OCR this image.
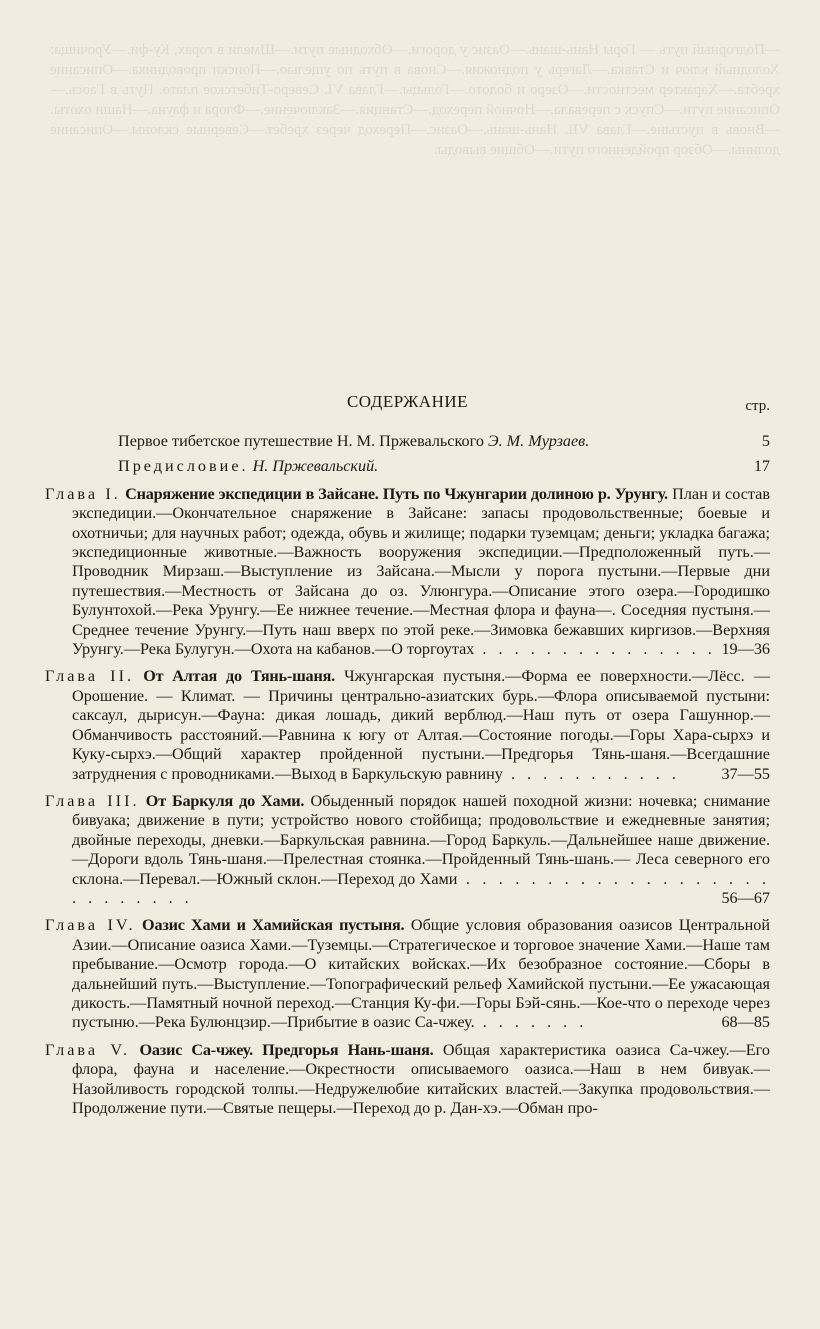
—Подгорный путь — Горы Нань-шань.—Оазис у дороги.—Обходные пути.—Шмели в горах, Ку-фи.—Урочища: Холодный ключ и Ставка.—Лагерь у подножия.—Снова в путь по ущелью.—Поиски проводника.—Описание хребта.—Характер местности.—Озеро и болото.—Гольцы.—Глава VI. Северо-Тибетское плато. Путь в Гаось.—Описание пути.—Спуск с перевала.—Ночной переход.—Станция.—Заключение.—Флора и фауна.—Наши охоты.—Вновь в пустыне.—Глава VII. Нань-шань.—Оазис.—Переход через хребет.—Северные склоны.—Описание долины.—Обзор пройденного пути.—Общие выводы.
СОДЕРЖАНИЕ	стр.
Первое тибетское путешествие Н. М. Пржевальского Э. М. Мурзаев.	5
Предисловие. Н. Пржевальский.	17
Глава I. Снаряжение экспедиции в Зайсане. Путь по Чжунгарии долиною р. Урунгу. План и состав экспедиции.—Окончательное снаряжение в Зайсане: запасы продовольственные; боевые и охотничьи; для научных работ; одежда, обувь и жилище; подарки туземцам; деньги; укладка багажа; экспедиционные животные.—Важность вооружения экспедиции.—Предположенный путь.—Проводник Мирзаш.—Выступление из Зайсана.—Мысли у порога пустыни.—Первые дни путешествия.—Местность от Зайсана до оз. Улюнгура.—Описание этого озера.—Городишко Булунтохой.—Река Урунгу.—Ее нижнее течение.—Местная флора и фауна—. Соседняя пустыня.—Среднее течение Урунгу.—Путь наш вверх по этой реке.—Зимовка бежавших киргизов.—Верхняя Урунгу.—Река Булугун.—Охота на кабанов.—О торгоутах . . . . . . . . . . . . . . . 19—36
Глава II. От Алтая до Тянь-шаня. Чжунгарская пустыня.—Форма ее поверхности.—Лёсс. — Орошение. — Климат. — Причины центрально-азиатских бурь.—Флора описываемой пустыни: саксаул, дырисун.—Фауна: дикая лошадь, дикий верблюд.—Наш путь от озера Гашуннор.—Обманчивость расстояний.—Равнина к югу от Алтая.—Состояние погоды.—Горы Хара-сырхэ и Куку-сырхэ.—Общий характер пройденной пустыни.—Предгорья Тянь-шаня.—Всегдашние затруднения с проводниками.—Выход в Баркульскую равнину . . . . . . . . . . .	37—55
Глава III. От Баркуля до Хами. Обыденный порядок нашей походной жизни: ночевка; снимание бивуака; движение в пути; устройство нового стойбища; продовольствие и ежедневные занятия; двойные переходы, дневки.—Баркульская равнина.—Город Баркуль.—Дальнейшее наше движение.—Дороги вдоль Тянь-шаня.—Прелестная стоянка.—Пройденный Тянь-шань.— Леса северного его склона.—Перевал.—Южный склон.—Переход до Хами . . . . . . . . . . . . . . . . . . . . . . . . . . .	56—67
Глава IV. Оазис Хами и Хамийская пустыня. Общие условия образования оазисов Центральной Азии.—Описание оазиса Хами.—Туземцы.—Стратегическое и торговое значение Хами.—Наше там пребывание.—Осмотр города.—О китайских войсках.—Их безобразное состояние.—Сборы в дальнейший путь.—Выступление.—Топографический рельеф Хамийской пустыни.—Ее ужасающая дикость.—Памятный ночной переход.—Станция Ку-фи.—Горы Бэй-сянь.—Кое-что о переходе через пустыню.—Река Булюнцзир.—Прибытие в оазис Са-чжеу. . . . . . . .	68—85
Глава V. Оазис Са-чжеу. Предгорья Нань-шаня. Общая характеристика оазиса Са-чжеу.—Его флора, фауна и население.—Окрестности описываемого оазиса.—Наш в нем бивуак.—Назойливость городской толпы.—Недружелюбие китайских властей.—Закупка продовольствия.—Продолжение пути.—Святые пещеры.—Переход до р. Дан-хэ.—Обман про-
